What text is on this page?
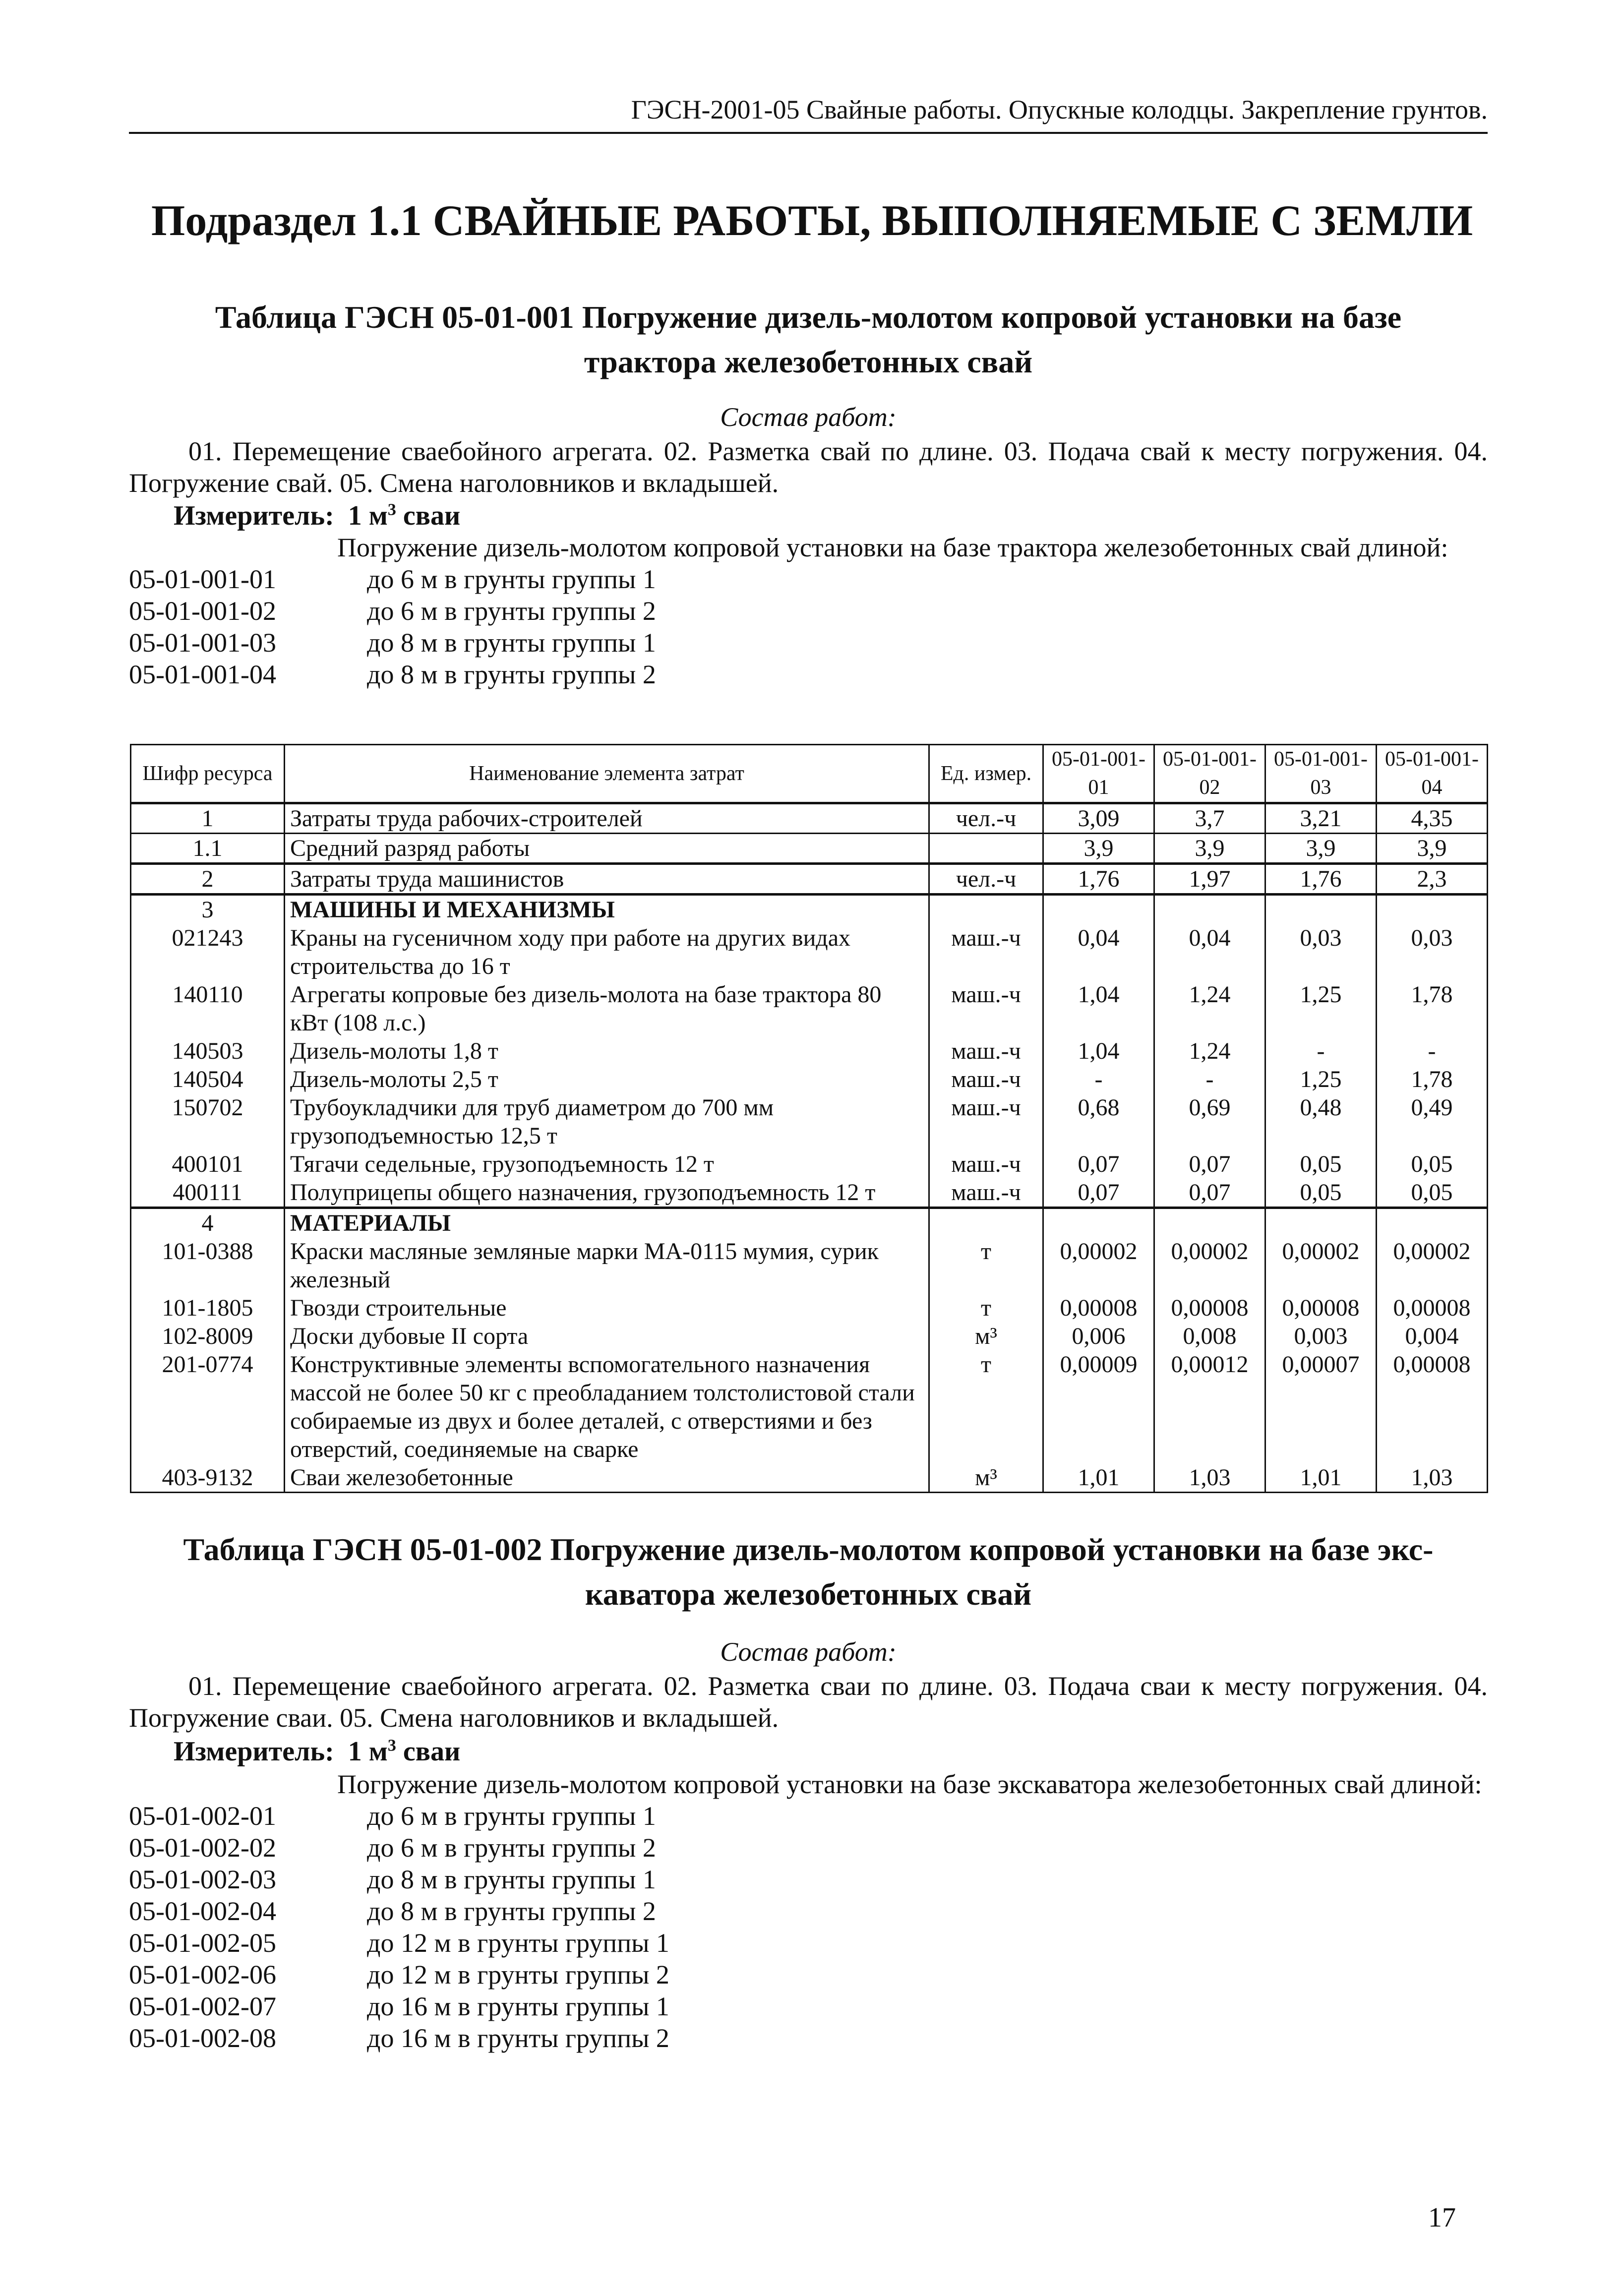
ГЭСН-2001-05 Свайные работы. Опускные колодцы. Закрепление грунтов.
Подраздел 1.1 СВАЙНЫЕ РАБОТЫ, ВЫПОЛНЯЕМЫЕ С ЗЕМЛИ
Таблица ГЭСН 05-01-001 Погружение дизель-молотом копровой установки на базе
трактора железобетонных свай
Состав работ:
01. Перемещение сваебойного агрегата. 02. Разметка свай по длине. 03. Подача свай к месту погружения. 04. Погружение свай. 05. Смена наголовников и вкладышей.
Измеритель: 1 $м^3$ сваи
Погружение дизель-молотом копровой установки на базе трактора железобетонных свай длиной:
05-01-001-01	до 6 м в грунты группы 1
05-01-001-02	до 6 м в грунты группы 2
05-01-001-03	до 8 м в грунты группы 1
05-01-001-04	до 8 м в грунты группы 2
Шифр ресурса	Наименование элемента затрат	Ед. измер.	05-01-001-01	05-01-001-02	05-01-001-03	05-01-001-04
1	Затраты труда рабочих-строителей	чел.-ч	3,09	3,7	3,21	4,35
1.1	Средний разряд работы		3,9	3,9	3,9	3,9
2	Затраты труда машинистов	чел.-ч	1,76	1,97	1,76	2,3
3	МАШИНЫ И МЕХАНИЗМЫ					
021243	Краны на гусеничном ходу при работе на других видах строительства до 16 т	маш.-ч	0,04	0,04	0,03	0,03
140110	Агрегаты копровые без дизель-молота на базе трактора 80 кВт (108 л.с.)	маш.-ч	1,04	1,24	1,25	1,78
140503	Дизель-молоты 1,8 т	маш.-ч	1,04	1,24	-	-
140504	Дизель-молоты 2,5 т	маш.-ч	-	-	1,25	1,78
150702	Трубоукладчики для труб диаметром до 700 мм грузоподъемностью 12,5 т	маш.-ч	0,68	0,69	0,48	0,49
400101	Тягачи седельные, грузоподъемность 12 т	маш.-ч	0,07	0,07	0,05	0,05
400111	Полуприцепы общего назначения, грузоподъемность 12 т	маш.-ч	0,07	0,07	0,05	0,05
4	МАТЕРИАЛЫ					
101-0388	Краски масляные земляные марки МА-0115 мумия, сурик железный	т	0,00002	0,00002	0,00002	0,00002
101-1805	Гвозди строительные	т	0,00008	0,00008	0,00008	0,00008
102-8009	Доски дубовые II сорта	м³	0,006	0,008	0,003	0,004
201-0774	Конструктивные элементы вспомогательного назначения массой не более 50 кг с преобладанием толстолистовой стали собираемые из двух и более деталей, с отверстиями и без отверстий, соединяемые на сварке	т	0,00009	0,00012	0,00007	0,00008
403-9132	Сваи железобетонные	м³	1,01	1,03	1,01	1,03
Таблица ГЭСН 05-01-002 Погружение дизель-молотом копровой установки на базе экс-
каватора железобетонных свай
Состав работ:
01. Перемещение сваебойного агрегата. 02. Разметка сваи по длине. 03. Подача сваи к месту погружения. 04. Погружение сваи. 05. Смена наголовников и вкладышей.
Измеритель: 1 $м^3$ сваи
Погружение дизель-молотом копровой установки на базе экскаватора железобетонных свай длиной:
05-01-002-01	до 6 м в грунты группы 1
05-01-002-02	до 6 м в грунты группы 2
05-01-002-03	до 8 м в грунты группы 1
05-01-002-04	до 8 м в грунты группы 2
05-01-002-05	до 12 м в грунты группы 1
05-01-002-06	до 12 м в грунты группы 2
05-01-002-07	до 16 м в грунты группы 1
05-01-002-08	до 16 м в грунты группы 2
17
